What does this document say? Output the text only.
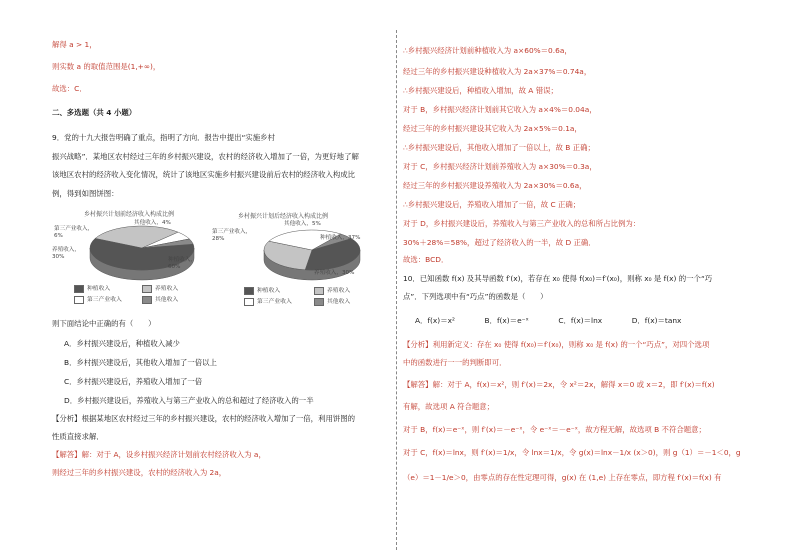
解得 a > 1，
则实数 a 的取值范围是(1,+∞)，
故选：C．
二、多选题（共 4 小题）
9．党的十九大报告明确了重点，指明了方向．报告中提出“实施乡村
振兴战略”．某地区农村经过三年的乡村振兴建设，农村的经济收入增加了一倍，为更好地了解
该地区农村的经济收入变化情况，统计了该地区实施乡村振兴建设前后农村的经济收入构成比
例，得到如图饼图：
乡村振兴计划前经济收入构成比例
其他收入，4%
第三产业收入，6%
养殖收入，30%	种植收入，60%
乡村振兴计划后经济收入构成比例
其他收入，5%
第三产业收入，28%	种植收入，37%
养殖收入，30%
种植收入	养殖收入
第三产业收入	其他收入
种植收入	养殖收入
第三产业收入	其他收入
则下面结论中正确的有（　　）
A．乡村振兴建设后，种植收入减少
B．乡村振兴建设后，其他收入增加了一倍以上
C．乡村振兴建设后，养殖收入增加了一倍
D．乡村振兴建设后，养殖收入与第三产业收入的总和超过了经济收入的一半
【分析】根据某地区农村经过三年的乡村振兴建设，农村的经济收入增加了一倍，利用饼图的
性质直接求解．
【解答】解：对于 A，设乡村振兴经济计划前农村经济收入为 a，
则经过三年的乡村振兴建设，农村的经济收入为 2a，
∴乡村振兴经济计划前种植收入为 a×60%＝0.6a，
经过三年的乡村振兴建设种植收入为 2a×37%＝0.74a，
∴乡村振兴建设后，种植收入增加，故 A 错误；
对于 B，乡村振兴经济计划前其它收入为 a×4%＝0.04a，
经过三年的乡村振兴建设其它收入为 2a×5%＝0.1a，
∴乡村振兴建设后，其他收入增加了一倍以上，故 B 正确；
对于 C，乡村振兴经济计划前养殖收入为 a×30%＝0.3a，
经过三年的乡村振兴建设养殖收入为 2a×30%＝0.6a，
∴乡村振兴建设后，养殖收入增加了一倍，故 C 正确；
对于 D，乡村振兴建设后，养殖收入与第三产业收入的总和所占比例为：
30%＋28%＝58%，超过了经济收入的一半，故 D 正确．
故选：BCD．
10．已知函数 f(x) 及其导函数 f′(x)，若存在 x₀ 使得 f(x₀)＝f′(x₀)，则称 x₀ 是 f(x) 的一个“巧
点”．下列选项中有“巧点”的函数是（　　）
A．f(x)＝x²　　　　B．f(x)＝e⁻ˣ　　　　C．f(x)＝lnx　　　　D．f(x)＝tanx
【分析】利用新定义：存在 x₀ 使得 f(x₀)＝f′(x₀)，则称 x₀ 是 f(x) 的一个“巧点”，对四个选项
中的函数进行一一的判断即可．
【解答】解：对于 A，f(x)＝x²，则 f′(x)＝2x，令 x²＝2x，解得 x＝0 或 x＝2，即 f′(x)＝f(x)
有解，故选项 A 符合题意；
对于 B，f(x)＝e⁻ˣ，则 f′(x)＝－e⁻ˣ，令 e⁻ˣ＝－e⁻ˣ，故方程无解，故选项 B 不符合题意；
对于 C，f(x)＝lnx，则 f′(x)＝1/x，令 lnx＝1/x，令 g(x)＝lnx－1/x (x＞0)，则 g（1）＝－1＜0，g
（e）＝1－1/e＞0，由零点的存在性定理可得，g(x) 在 (1,e) 上存在零点，即方程 f′(x)＝f(x) 有
